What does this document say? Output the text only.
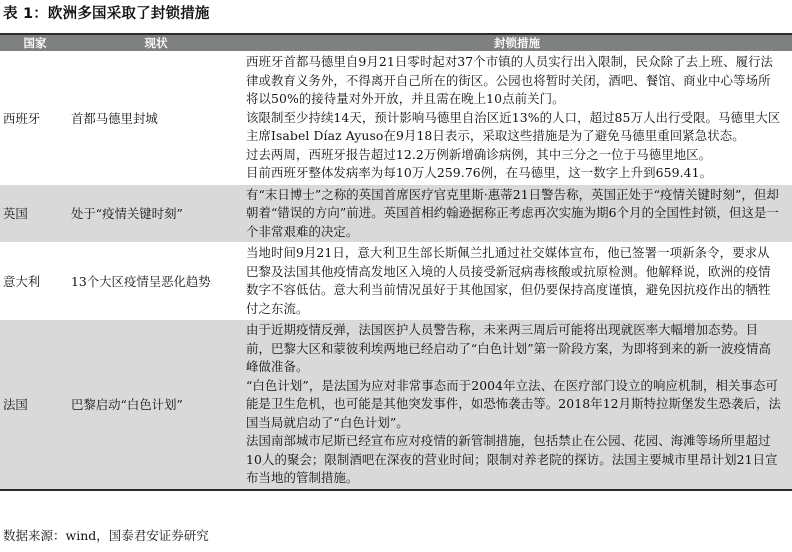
表 1：欧洲多国采取了封锁措施
国家	现状	封锁措施
西班牙	首都马德里封城	西班牙首都马德里自9月21日零时起对37个市镇的人员实行出入限制，民众除了去上班、履行法律或教育义务外，不得离开自己所在的街区。公园也将暂时关闭，酒吧、餐馆、商业中心等场所将以50%的接待量对外开放，并且需在晚上10点前关门。
该限制至少持续14天，预计影响马德里自治区近13%的人口，超过85万人出行受限。马德里大区主席Isabel Díaz Ayuso在9月18日表示，采取这些措施是为了避免马德里重回紧急状态。
过去两周，西班牙报告超过12.2万例新增确诊病例，其中三分之一位于马德里地区。
目前西班牙整体发病率为每10万人259.76例，在马德里，这一数字上升到659.41。

英国	处于“疫情关键时刻”	有“末日博士”之称的英国首席医疗官克里斯·惠蒂21日警告称，英国正处于“疫情关键时刻”，但却朝着“错误的方向”前进。英国首相约翰逊据称正考虑再次实施为期6个月的全国性封锁，但这是一个非常艰难的决定。

意大利	13个大区疫情呈恶化趋势	当地时间9月21日，意大利卫生部长斯佩兰扎通过社交媒体宣布，他已签署一项新条令，要求从巴黎及法国其他疫情高发地区入境的人员接受新冠病毒核酸或抗原检测。他解释说，欧洲的疫情数字不容低估。意大利当前情况虽好于其他国家，但仍要保持高度谨慎，避免因抗疫作出的牺牲付之东流。

法国	巴黎启动“白色计划”	由于近期疫情反弹，法国医护人员警告称，未来两三周后可能将出现就医率大幅增加态势。目前，巴黎大区和蒙彼利埃两地已经启动了“白色计划”第一阶段方案，为即将到来的新一波疫情高峰做准备。
“白色计划”，是法国为应对非常事态而于2004年立法、在医疗部门设立的响应机制，相关事态可能是卫生危机，也可能是其他突发事件，如恐怖袭击等。2018年12月斯特拉斯堡发生恐袭后，法国当局就启动了“白色计划”。
法国南部城市尼斯已经宣布应对疫情的新管制措施，包括禁止在公园、花园、海滩等场所里超过10人的聚会；限制酒吧在深夜的营业时间；限制对养老院的探访。法国主要城市里昂计划21日宣布当地的管制措施。
数据来源：wind，国泰君安证券研究
